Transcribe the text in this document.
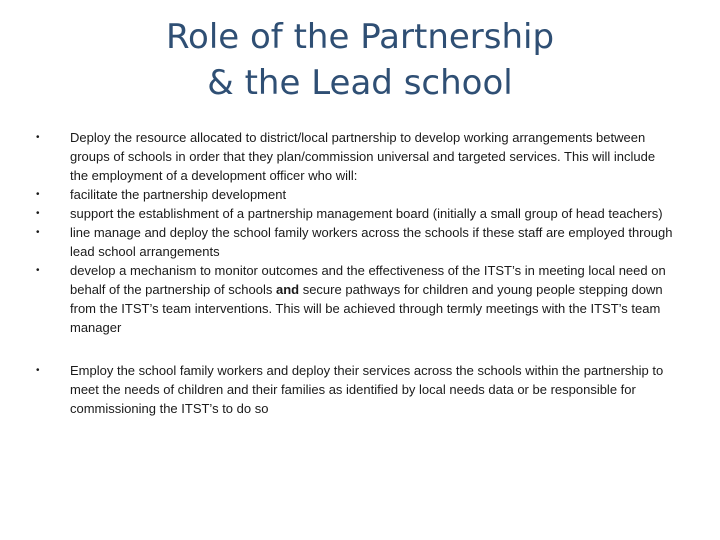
Role of the Partnership
& the Lead school
• Deploy the resource allocated to district/local partnership to develop working arrangements between groups of schools in order that they plan/commission universal and targeted services. This will include the employment of a development officer who will:
• facilitate the partnership development
• support the establishment of a partnership management board (initially a small group of head teachers)
• line manage and deploy the school family workers across the schools if these staff are employed through lead school arrangements
• develop a mechanism to monitor outcomes and the effectiveness of the ITST’s in meeting local need on behalf of the partnership of schools and secure pathways for children and young people stepping down from the ITST’s team interventions. This will be achieved through termly meetings with the ITST’s team manager
• Employ the school family workers and deploy their services across the schools within the partnership to meet the needs of children and their families as identified by local needs data or be responsible for commissioning the ITST’s to do so
